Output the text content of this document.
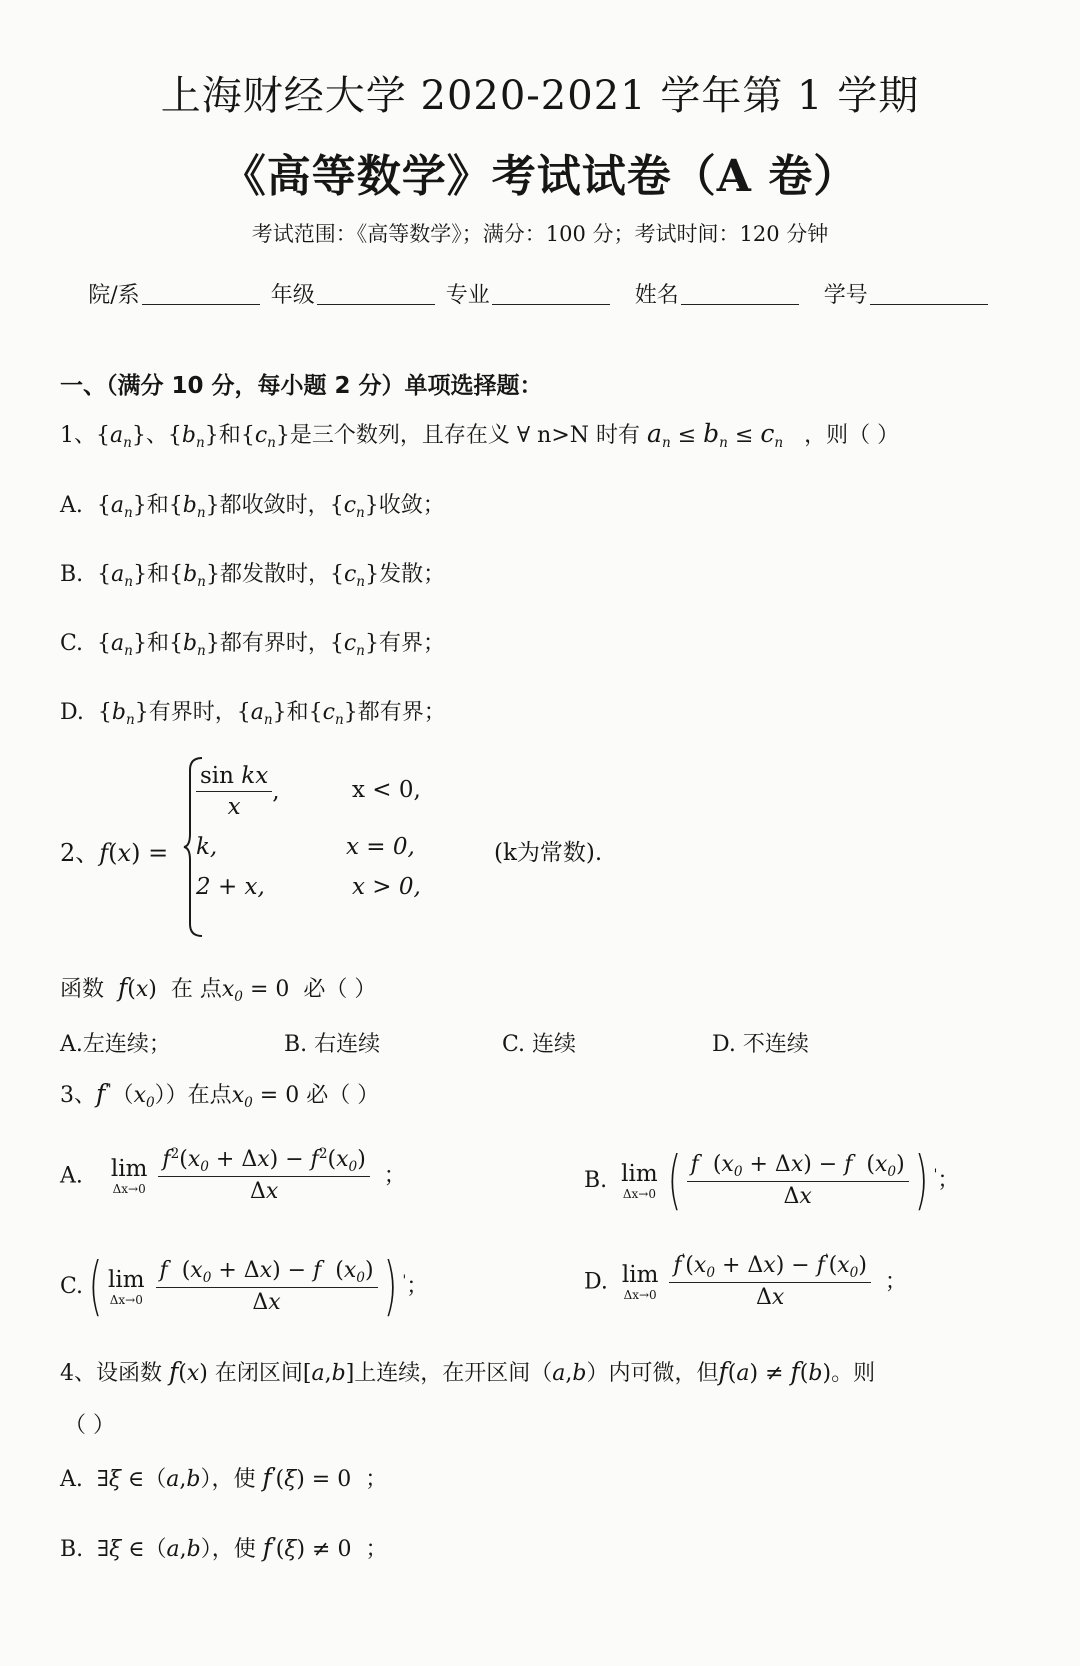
上海财经大学 2020-2021 学年第 1 学期
《高等数学》考试试卷（A 卷）
考试范围：《高等数学》；满分：100 分；考试时间：120 分钟
院/系	年级	专业	姓名	学号
一、（满分 10 分，每小题 2 分）单项选择题：
1、$\{a_n\}$、$\{b_n\}$和$\{c_n\}$是三个数列，且存在义 ∀ n>N 时有 $a_n \le b_n \le c_n$ ，则（ ）
A.  $\{a_n\}$和$\{b_n\}$都收敛时，$\{c_n\}$收敛；
B.  $\{a_n\}$和$\{b_n\}$都发散时，$\{c_n\}$发散；
C.  $\{a_n\}$和$\{b_n\}$都有界时，$\{c_n\}$有界；
D.  $\{b_n\}$有界时，$\{a_n\}$和$\{c_n\}$都有界；
2、f(x) =
$\frac{\text{sin kx}}{x}$ ,	x < 0,
k,	x = 0,	(k为常数).
2 + x,	x > 0,
函数 f(x)  在 点$x_0 = 0$  必（ ）
A.左连续；	B. 右连续	C. 连续	D. 不连续
3、$f^"(x_0)$）在点$x_0 = 0$ 必（ ）
A. lim
Δx→0
$\frac{f^2(x_0 + \Delta x) - f^2(x_0)}{\Delta x}$ ；	B. lim
Δx→0 ( $\frac{f (x_0 + \Delta x) - f (x_0)}{\Delta x}$ ) '；
C.( lim
Δx→0
$\frac{f (x_0 + \Delta x) - f (x_0)}{\Delta x}$ ) '；	D. lim
Δx→0
$\frac{f'(x_0 + \Delta x) - f'(x_0)}{\Delta x}$ ；
4、设函数 f(x) 在闭区间[a,b]上连续，在开区间（a,b）内可微，但f(a) ≠ f(b)。则
（ ）
A.  ∃ξ ∈（a,b），使 f'(ξ) = 0  ；
B.  ∃ξ ∈（a,b），使 f'(ξ) ≠ 0  ；
